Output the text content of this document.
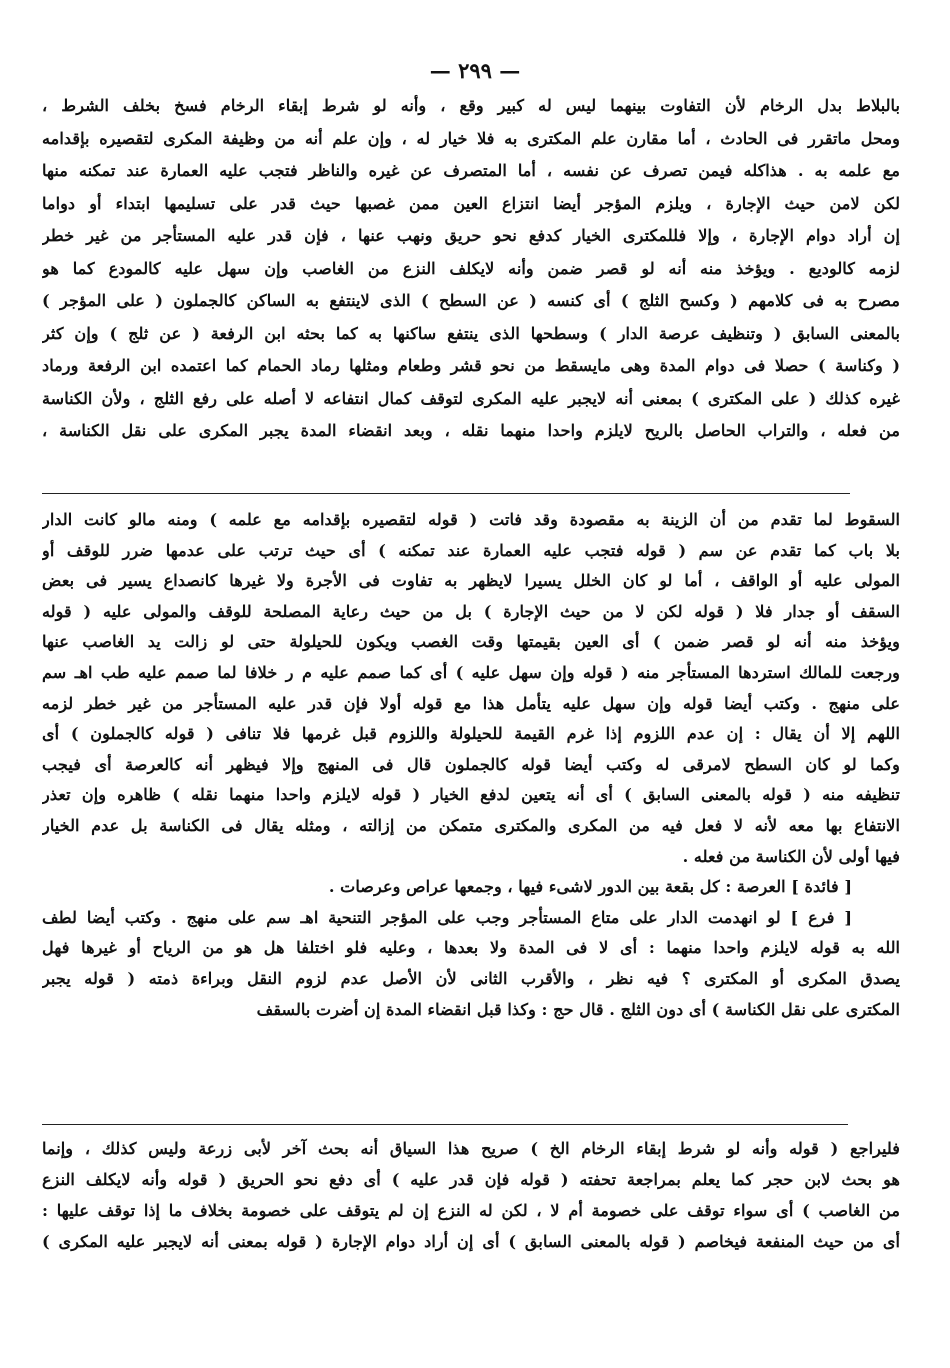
— ٢٩٩ —
بالبلاط بدل الرخام لأن التفاوت بينهما ليس له كبير وقع ، وأنه لو شرط إبقاء الرخام فسخ بخلف الشرط ،
ومحل ماتقرر فى الحادث ، أما مقارن علم المكترى به فلا خيار له ، وإن علم أنه من وظيفة المكرى لتقصيره بإقدامه
مع علمه به . هذاكله فيمن تصرف عن نفسه ، أما المتصرف عن غيره والناظر فتجب عليه العمارة عند تمكنه منها
لكن لامن حيث الإجارة ، ويلزم المؤجر أيضا انتزاع العين ممن غصبها حيث قدر على تسليمها ابتداء أو دواما
إن أراد دوام الإجارة ، وإلا فللمكترى الخيار كدفع نحو حريق ونهب عنها ، فإن قدر عليه المستأجر من غير خطر
لزمه كالوديع . ويؤخذ منه أنه لو قصر ضمن وأنه لايكلف النزع من الغاصب وإن سهل عليه كالمودع كما هو
مصرح به فى كلامهم ( وكسح الثلج ) أى كنسه ( عن السطح ) الذى لاينتفع به الساكن كالجملون ( على المؤجر )
بالمعنى السابق ( وتنظيف عرصة الدار ) وسطحها الذى ينتفع ساكنها به كما بحثه ابن الرفعة ( عن ثلج ) وإن كثر
( وكناسة ) حصلا فى دوام المدة وهى مايسقط من نحو قشر وطعام ومثلها رماد الحمام كما اعتمده ابن الرفعة ورماد
غيره كذلك ( على المكترى ) بمعنى أنه لايجبر عليه المكرى لتوقف كمال انتفاعه لا أصله على رفع الثلج ، ولأن الكناسة
من فعله ، والتراب الحاصل بالريح لايلزم واحدا منهما نقله ، وبعد انقضاء المدة يجبر المكرى على نقل الكناسة ،
السقوط لما تقدم من أن الزينة به مقصودة وقد فاتت ( قوله لتقصيره بإقدامه مع علمه ) ومنه مالو كانت الدار
بلا باب كما تقدم عن سم ( قوله فتجب عليه العمارة عند تمكنه ) أى حيث ترتب على عدمها ضرر للوقف أو
المولى عليه أو الواقف ، أما لو كان الخلل يسيرا لايظهر به تفاوت فى الأجرة ولا غيرها كانصداع يسير فى بعض
السقف أو جدار فلا ( قوله لكن لا من حيث الإجارة ) بل من حيث رعاية المصلحة للوقف والمولى عليه ( قوله
ويؤخذ منه أنه لو قصر ضمن ) أى العين بقيمتها وقت الغصب ويكون للحيلولة حتى لو زالت يد الغاصب عنها
ورجعت للمالك استردها المستأجر منه ( قوله وإن سهل عليه ) أى كما صمم عليه م ر خلافا لما صمم عليه طب اهـ سم
على منهج . وكتب أيضا قوله وإن سهل عليه يتأمل هذا مع قوله أولا فإن قدر عليه المستأجر من غير خطر لزمه
اللهم إلا أن يقال : إن عدم اللزوم إذا غرم القيمة للحيلولة واللزوم قبل غرمها فلا تنافى ( قوله كالجملون ) أى
وكما لو كان السطح لامرقى له وكتب أيضا قوله كالجملون قال فى المنهج وإلا فيظهر أنه كالعرصة أى فيجب
تنظيفه منه ( قوله بالمعنى السابق ) أى أنه يتعين لدفع الخيار ( قوله لايلزم واحدا منهما نقله ) ظاهره وإن تعذر
الانتفاع بها معه لأنه لا فعل فيه من المكرى والمكترى متمكن من إزالته ، ومثله يقال فى الكناسة بل عدم الخيار
فيها أولى لأن الكناسة من فعله .
[ فائدة ] العرصة : كل بقعة بين الدور لاشىء فيها ، وجمعها عراص وعرصات .
[ فرع ] لو انهدمت الدار على متاع المستأجر وجب على المؤجر التنحية اهـ سم على منهج . وكتب أيضا لطف
الله به قوله لايلزم واحدا منهما : أى لا فى المدة ولا بعدها ، وعليه فلو اختلفا هل هو من الرياح أو غيرها فهل
يصدق المكرى أو المكترى ؟ فيه نظر ، والأقرب الثانى لأن الأصل عدم لزوم النقل وبراءة ذمته ( قوله يجبر
المكترى على نقل الكناسة ) أى دون الثلج . قال حج : وكذا قبل انقضاء المدة إن أضرت بالسقف
فليراجع ( قوله وأنه لو شرط إبقاء الرخام الخ ) صريح هذا السياق أنه بحث آخر لأبى زرعة وليس كذلك ، وإنما
هو بحث لابن حجر كما يعلم بمراجعة تحفته ( قوله فإن قدر عليه ) أى دفع نحو الحريق ( قوله وأنه لايكلف النزع
من الغاصب ) أى سواء توقف على خصومة أم لا ، لكن له النزع إن لم يتوقف على خصومة بخلاف ما إذا توقف عليها :
أى من حيث المنفعة فيخاصم ( قوله بالمعنى السابق ) أى إن أراد دوام الإجارة ( قوله بمعنى أنه لايجبر عليه المكرى )
